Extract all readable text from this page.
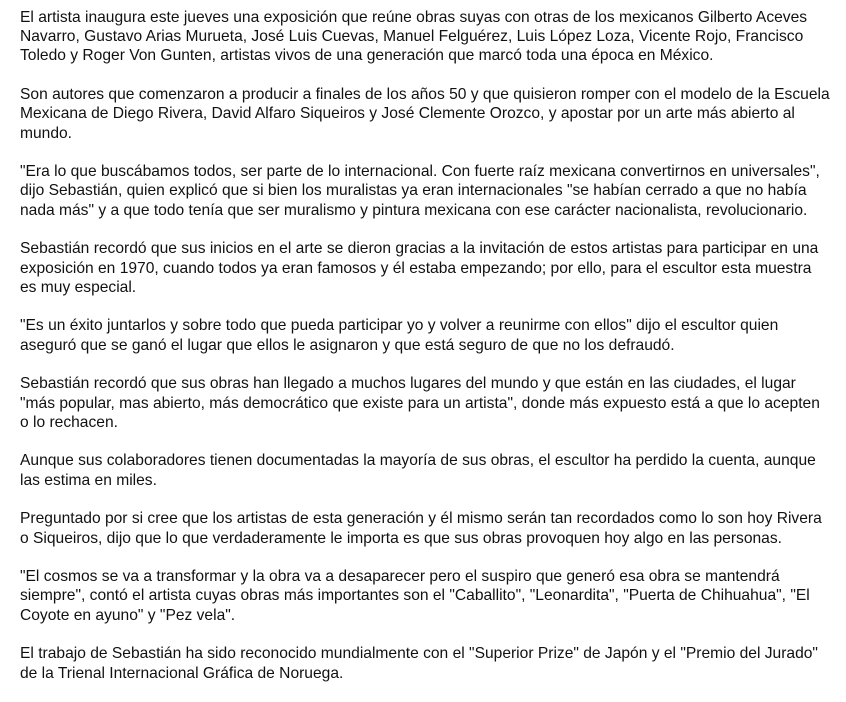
El artista inaugura este jueves una exposición que reúne obras suyas con otras de los mexicanos Gilberto Aceves
Navarro, Gustavo Arias Murueta, José Luis Cuevas, Manuel Felguérez, Luis López Loza, Vicente Rojo, Francisco
Toledo y Roger Von Gunten, artistas vivos de una generación que marcó toda una época en México.

Son autores que comenzaron a producir a finales de los años 50 y que quisieron romper con el modelo de la Escuela
Mexicana de Diego Rivera, David Alfaro Siqueiros y José Clemente Orozco, y apostar por un arte más abierto al
mundo.

"Era lo que buscábamos todos, ser parte de lo internacional. Con fuerte raíz mexicana convertirnos en universales",
dijo Sebastián, quien explicó que si bien los muralistas ya eran internacionales "se habían cerrado a que no había
nada más" y a que todo tenía que ser muralismo y pintura mexicana con ese carácter nacionalista, revolucionario.

Sebastián recordó que sus inicios en el arte se dieron gracias a la invitación de estos artistas para participar en una
exposición en 1970, cuando todos ya eran famosos y él estaba empezando; por ello, para el escultor esta muestra
es muy especial.

"Es un éxito juntarlos y sobre todo que pueda participar yo y volver a reunirme con ellos" dijo el escultor quien
aseguró que se ganó el lugar que ellos le asignaron y que está seguro de que no los defraudó.

Sebastián recordó que sus obras han llegado a muchos lugares del mundo y que están en las ciudades, el lugar
"más popular, mas abierto, más democrático que existe para un artista", donde más expuesto está a que lo acepten
o lo rechacen.

Aunque sus colaboradores tienen documentadas la mayoría de sus obras, el escultor ha perdido la cuenta, aunque
las estima en miles.

Preguntado por si cree que los artistas de esta generación y él mismo serán tan recordados como lo son hoy Rivera
o Siqueiros, dijo que lo que verdaderamente le importa es que sus obras provoquen hoy algo en las personas.

"El cosmos se va a transformar y la obra va a desaparecer pero el suspiro que generó esa obra se mantendrá
siempre", contó el artista cuyas obras más importantes son el "Caballito", "Leonardita", "Puerta de Chihuahua", "El
Coyote en ayuno" y "Pez vela".

El trabajo de Sebastián ha sido reconocido mundialmente con el "Superior Prize" de Japón y el "Premio del Jurado"
de la Trienal Internacional Gráfica de Noruega.
